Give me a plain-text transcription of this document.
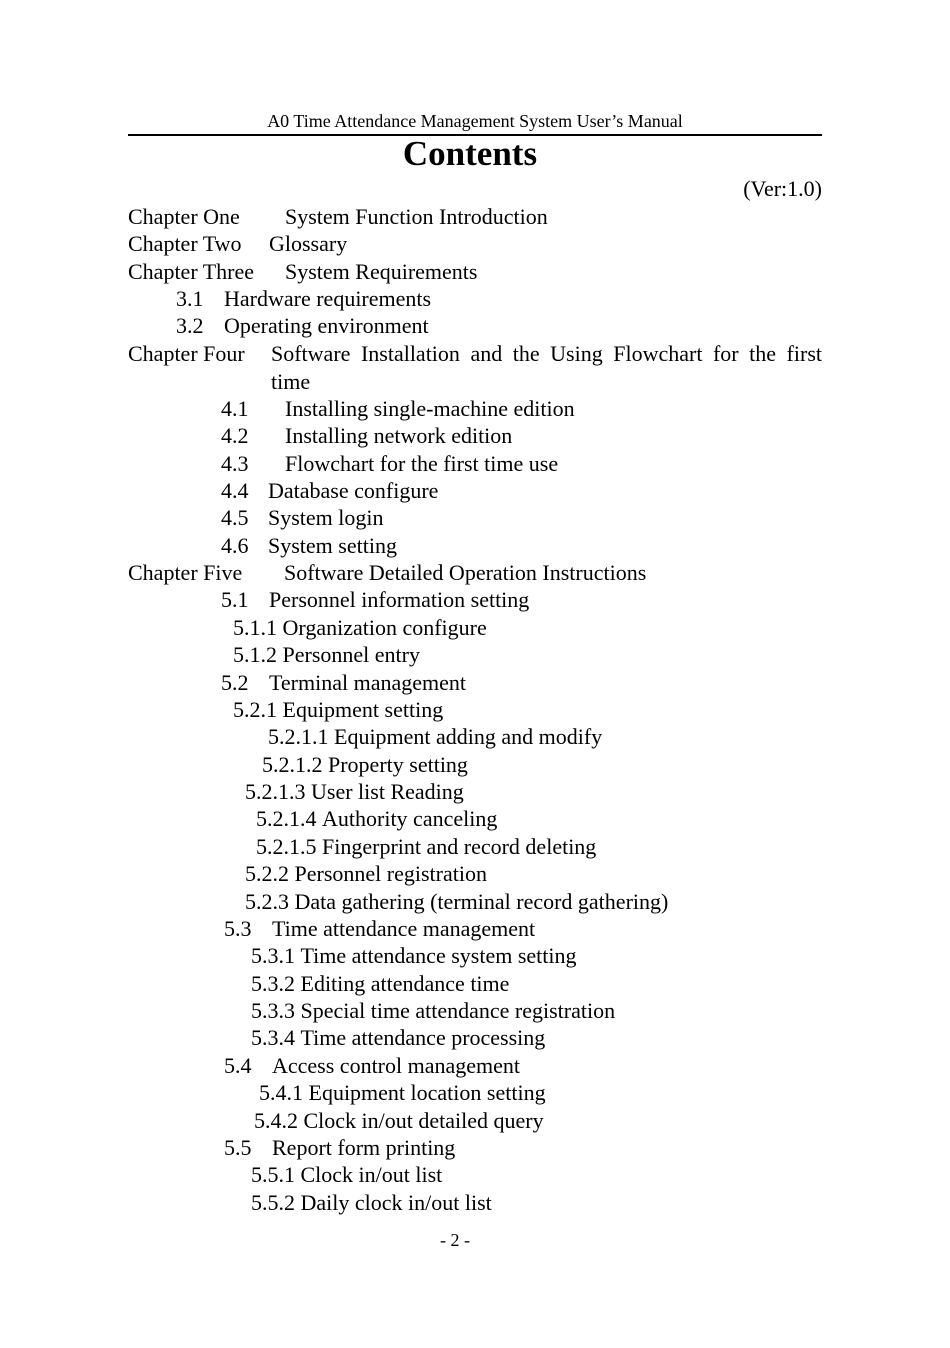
A0 Time Attendance Management System User’s Manual
Contents
(Ver:1.0)
Chapter One System Function Introduction
Chapter Two Glossary
Chapter Three System Requirements
3.1 Hardware requirements
3.2 Operating environment
Chapter Four Software Installation and the Using Flowchart for the first time
4.1 Installing single-machine edition
4.2 Installing network edition
4.3 Flowchart for the first time use
4.4 Database configure
4.5 System login
4.6 System setting
Chapter Five Software Detailed Operation Instructions
5.1 Personnel information setting
5.1.1 Organization configure
5.1.2 Personnel entry
5.2 Terminal management
5.2.1 Equipment setting
5.2.1.1 Equipment adding and modify
5.2.1.2 Property setting
5.2.1.3 User list Reading
5.2.1.4 Authority canceling
5.2.1.5 Fingerprint and record deleting
5.2.2 Personnel registration
5.2.3 Data gathering (terminal record gathering)
5.3 Time attendance management
5.3.1 Time attendance system setting
5.3.2 Editing attendance time
5.3.3 Special time attendance registration
5.3.4 Time attendance processing
5.4 Access control management
5.4.1 Equipment location setting
5.4.2 Clock in/out detailed query
5.5 Report form printing
5.5.1 Clock in/out list
5.5.2 Daily clock in/out list
- 2 -
